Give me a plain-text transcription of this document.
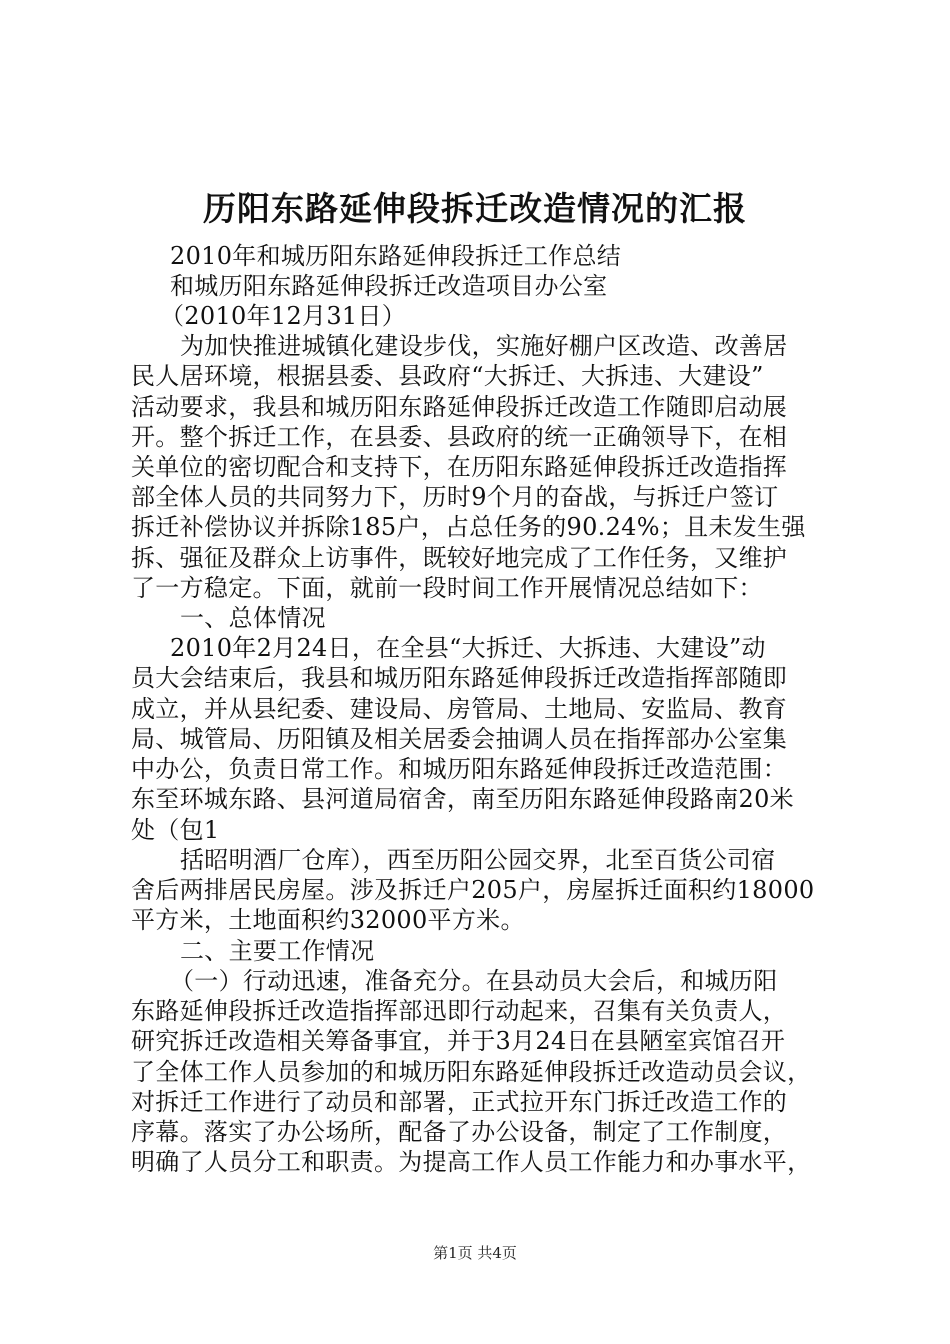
历阳东路延伸段拆迁改造情况的汇报
2010年和城历阳东路延伸段拆迁工作总结
和城历阳东路延伸段拆迁改造项目办公室
（2010年12月31日）
为加快推进城镇化建设步伐，实施好棚户区改造、改善居
民人居环境，根据县委、县政府“大拆迁、大拆违、大建设”
活动要求，我县和城历阳东路延伸段拆迁改造工作随即启动展
开。整个拆迁工作，在县委、县政府的统一正确领导下，在相
关单位的密切配合和支持下，在历阳东路延伸段拆迁改造指挥
部全体人员的共同努力下，历时9个月的奋战，与拆迁户签订
拆迁补偿协议并拆除185户，占总任务的90.24%；且未发生强
拆、强征及群众上访事件，既较好地完成了工作任务，又维护
了一方稳定。下面，就前一段时间工作开展情况总结如下：
一、总体情况
2010年2月24日，在全县“大拆迁、大拆违、大建设”动
员大会结束后，我县和城历阳东路延伸段拆迁改造指挥部随即
成立，并从县纪委、建设局、房管局、土地局、安监局、教育
局、城管局、历阳镇及相关居委会抽调人员在指挥部办公室集
中办公，负责日常工作。和城历阳东路延伸段拆迁改造范围：
东至环城东路、县河道局宿舍，南至历阳东路延伸段路南20米
处（包1
括昭明酒厂仓库），西至历阳公园交界，北至百货公司宿
舍后两排居民房屋。涉及拆迁户205户，房屋拆迁面积约18000
平方米，土地面积约32000平方米。
二、主要工作情况
（一）行动迅速，准备充分。在县动员大会后，和城历阳
东路延伸段拆迁改造指挥部迅即行动起来，召集有关负责人，
研究拆迁改造相关筹备事宜，并于3月24日在县陋室宾馆召开
了全体工作人员参加的和城历阳东路延伸段拆迁改造动员会议，
对拆迁工作进行了动员和部署，正式拉开东门拆迁改造工作的
序幕。落实了办公场所，配备了办公设备，制定了工作制度，
明确了人员分工和职责。为提高工作人员工作能力和办事水平，
第1页 共4页
